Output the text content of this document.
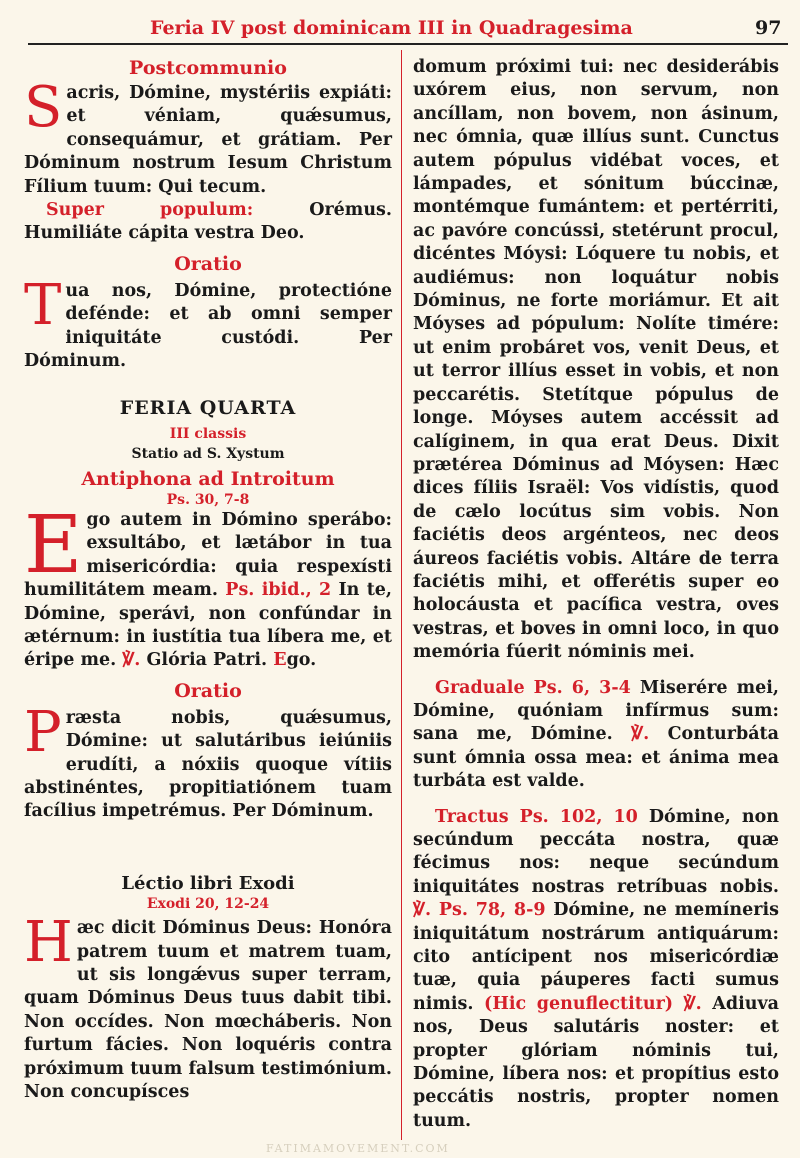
Feria IV post dominicam III in Quadragesima	97
Postcommunio

Sacris, Dómine, mystériis expiáti: et véniam, quǽsumus, consequámur, et grátiam. Per Dóminum nostrum Iesum Christum Fílium tuum: Qui tecum.

Super populum: Orémus. Humiliáte cápita vestra Deo.

Oratio

Tua nos, Dómine, protectióne defénde: et ab omni semper iniquitáte custódi. Per Dóminum.

FERIA QUARTA
III classis
Statio ad S. Xystum
Antiphona ad Introitum
Ps. 30, 7-8

Ego autem in Dómino sperábo: exsultábo, et lætábor in tua misericórdia: quia respexísti humilitátem meam. Ps. ibid., 2 In te, Dómine, sperávi, non confúndar in ætérnum: in iustítia tua líbera me, et éripe me. ℣. Glória Patri. Ego.

Oratio

Præsta nobis, quǽsumus, Dómine: ut salutáribus ieiúniis erudíti, a nóxiis quoque vítiis abstinéntes, propitiatiónem tuam facílius impetrémus. Per Dóminum.

Léctio libri Exodi
Exodi 20, 12-24

Hæc dicit Dóminus Deus: Honóra patrem tuum et matrem tuam, ut sis longǽvus super terram, quam Dóminus Deus tuus dabit tibi. Non occídes. Non mœcháberis. Non furtum fácies. Non loquéris contra próximum tuum falsum testimónium. Non concupísces

domum próximi tui: nec desiderábis uxórem eius, non servum, non ancíllam, non bovem, non ásinum, nec ómnia, quæ illíus sunt. Cunctus autem pópulus vidébat voces, et lámpades, et sónitum búccinæ, montémque fumántem: et pertérriti, ac pavóre concússi, stetérunt procul, dicéntes Móysi: Lóquere tu nobis, et audiémus: non loquátur nobis Dóminus, ne forte moriámur. Et ait Móyses ad pópulum: Nolíte timére: ut enim probáret vos, venit Deus, et ut terror illíus esset in vobis, et non peccarétis. Stetítque pópulus de longe. Móyses autem accéssit ad calíginem, in qua erat Deus. Dixit prætérea Dóminus ad Móysen: Hæc dices fíliis Israël: Vos vidístis, quod de cælo locútus sim vobis. Non faciétis deos argénteos, nec deos áureos faciétis vobis. Altáre de terra faciétis mihi, et offerétis super eo holocáusta et pacífica vestra, oves vestras, et boves in omni loco, in quo memória fúerit nóminis mei.

Graduale Ps. 6, 3-4 Miserére mei, Dómine, quóniam infírmus sum: sana me, Dómine. ℣. Conturbáta sunt ómnia ossa mea: et ánima mea turbáta est valde.

Tractus Ps. 102, 10 Dómine, non secúndum peccáta nostra, quæ fécimus nos: neque secúndum iniquitátes nostras retríbuas nobis. ℣. Ps. 78, 8-9 Dómine, ne memíneris iniquitátum nostrárum antiquárum: cito antícipent nos misericórdiæ tuæ, quia páuperes facti sumus nimis. (Hic genuflectitur) ℣. Adiuva nos, Deus salutáris noster: et propter glóriam nóminis tui, Dómine, líbera nos: et propítius esto peccátis nostris, propter nomen tuum.

FATIMAMOVEMENT.COM
